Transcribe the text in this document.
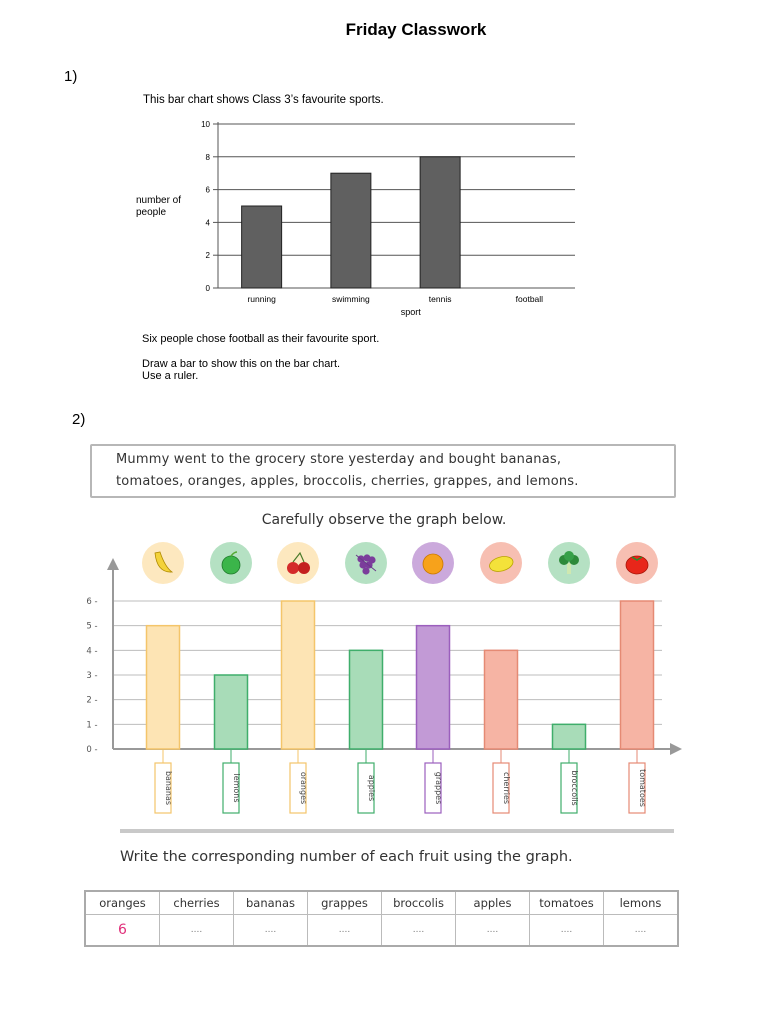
Friday Classwork
1)
This bar chart shows Class 3’s favourite sports.
0
2
4
6
8
10
number of
people
running	swimming	tennis	football
sport
Six people chose football as their favourite sport.
Draw a bar to show this on the bar chart.
Use a ruler.
2)
Mummy went to the grocery store yesterday and bought bananas,
tomatoes, oranges, apples, broccolis, cherries, grappes, and lemons.
Carefully observe the graph below.
0 -
1 -
2 -
3 -
4 -
5 -
6 -
bananas	lemons	oranges	apples	grappes	cherries	broccolis	tomatoes
Write the corresponding number of each fruit using the graph.
oranges	cherries	bananas	grappes	broccolis	apples	tomatoes	lemons
6	....	....	....	....	....	....	....
